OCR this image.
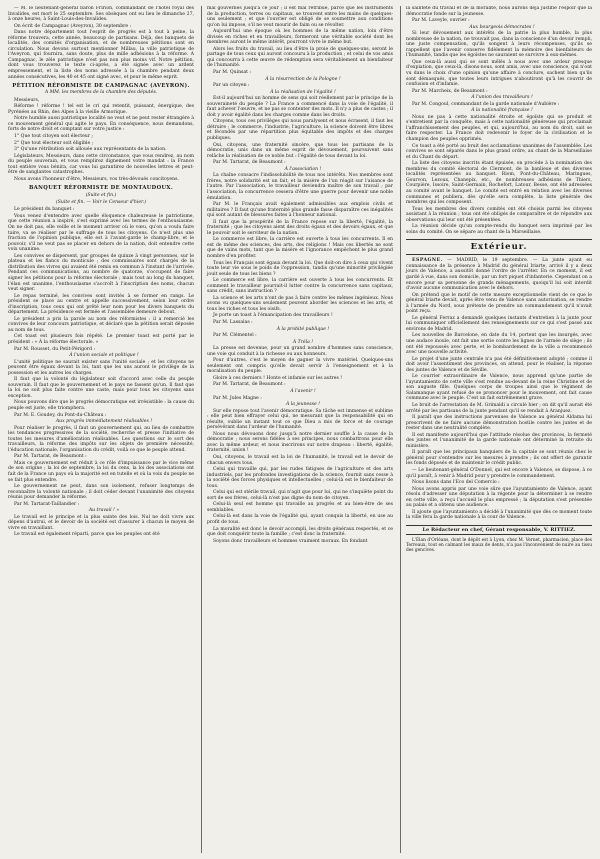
— M. le lieutenant-général baron Fririon, commandant de l'hôtel royal des Invalides, est mort le 25 septembre. Ses obsèques ont eu lieu le dimanche 27, à onze heures, à Saint-Louis-des-Invalides.

On écrit de Campagnac (Aveyron), 30 septembre :

Dans notre département tout l'esprit de progrès est à tout à peine, la réforme trouvera, cette année, beaucoup de partisans. Déjà, des banquets de localités, des comités d'organisation, et de nombreuses pétitions sont en circulation. Nous devons surtout mentionner Millau, la ville patriotique de l'Aveyron, qui fournira, sans doute, plus de mille adhésions à la réforme. A Campagnac, le zèle patriotique n'est pas non plus moins vif. Notre pétition, dont vous trouverez le texte ci-après, a été signée avec un ardent empressement, et la liste des noms adressée à la chambre pendant deux années consécutives, les 40 et 45 ont signé avec, et pour le même esprit.

PÉTITION RÉFORMISTE DE CAMPAGNAC (AVEYRON).
A MM. les membres de la chambre des députés.

Messieurs,

Réforme ! réforme ! tel est le cri qui retentit, puissant, énergique, des Pyrénées au Rhin, des Alpes à la vieille Armorique.

Notre humble aussi patriotique localité ne veut et ne peut rester étrangère à ce mouvement général qui agite le pays. En conséquence, nous demandons, forts de notre droit et comptant sur votre justice :

1° Que tout citoyen soit électeur ;

2° Que tout électeur soit éligible ;

3° Qu'une rétribution soit allouée aux représentants de la nation.

Législateurs, Messieurs, dans cette circonstance, que vous rendrez, au nom du peuple souverain, et vous remplirez dignement votre mandat : la France tout entière vous bénira, car vous lui garantirez de nouvelles lettres et peut-être de sanglantes catastrophes.

Nous avons l'honneur d'être, Messieurs, vos très-dévoués concitoyens.

BANQUET RÉFORMISTE DE MONTAUDOUX.
(Suite et fin.)
(Suite et fin. — Voir le Censeur d'hier.)

Le président du banquet :

Vous venez d'entendre avec quelle éloquence chaleureuse le patriotisme, que cette réunion a inspiré, s'est exprimé avec les termes de l'enthousiasme. On ne doit pas, elle veille et le moment arriver où le vœu, qu'on a voulu faire taire, va se réaliser par le suffrage de tous les citoyens. Ce n'est plus une fraction de l'opinion publique, elle est à l'avant-garde le champ-libre, et le pouvoir, s'il ne veut pas se placer en dehors de la nation, doit entendre cette voix unanime.

Les convives se dispersent, par groupes de quinze à vingt personnes, sur le plateau et les flancs du monticule ; des commissaires sont chargés de la distribution des vivres qui avaient été remis en commun à l'instant de l'arrivée. Pendant ces communications, au nombre de quatorze, s'occupent de faire signer les pétitions pour la réforme électorale ; mais tout au long du banquet, l'élan est unanime, l'enthousiasme s'accroît à l'inscription des noms, chacun veut signer.

Le repas terminé, les convives sont invités à se former en rangs. Le président se place au centre et appelle successivement, selon leur ordre d'inscription, tous ceux qui ont prêté leur nom pour les divers banquets du département. La présidence est fermée et l'assemblée demeure debout.

Le président a pris la parole au nom des réformistes : il a remercié les convives de leur concours patriotique, et déclaré que la pétition serait déposée au nom de tous.

Cet toast est plusieurs fois répété. Le premier toast est porté par le président : « À la réforme électorale. »

Par M. Rousset, du Petit-Périgord :

À l'union sociale et politique !

L'unité politique ne saurait exister sans l'unité sociale ; et les citoyens ne peuvent être égaux devant la loi, tant que les uns auront le privilège de la possession et les autres les charges.

Il faut que la volonté du législateur soit d'accord avec celle du peuple souverain. Il faut que le gouvernement et le pays ne fassent qu'un. Il faut que la loi ne soit plus faite contre une caste, mais pour tous les citoyens sans exception.

Nous pouvons dire que le progrès démocratique est irrésistible : la cause du peuple est juste, elle triomphera.

Par M. E. Goudey, du Pont-du-Château :

Aux progrès immédiatement réalisables !

Pour réaliser le progrès, il faut un gouvernement qui, au lieu de combattre les tendances progressives de la société, recherche et presse l'initiative de toutes les mesures d'amélioration réalisables. Les questions sur le sort des travailleurs, la réforme des impôts sur les objets de première nécessité, l'éducation nationale, l'organisation du crédit, voilà ce que le peuple attend.

Par M. Tartarat, de Beaumont :

Mais ce gouvernement est réduit à ce rôle d'impuissance par le vice même de son origine ; la loi de septembre, la loi du cens, la loi des associations ont fait de la France un pays où la majorité est en tutelle et où la voix du peuple ne se fait plus entendre.

Le gouvernement ne peut, dans son isolement, refuser longtemps de reconnaître la volonté nationale ; il doit céder devant l'unanimité des citoyens réunis pour demander la réforme.

Par M. Tartarat-Taillandier :

Au travail ! »

Le travail est le principe et la plus sainte des lois. Nul ne doit vivre aux dépens d'autrui, et le devoir de la société est d'assurer à chacun le moyen de vivre en travaillant.

Le travail est également réparti, parce que les peuples ont été

mal gouvernés jusqu'à ce jour ; il est mal rétribué, parce que les instruments de la production, terres ou capitaux, se trouvent entre les mains de quelques-uns seulement ; et que l'ouvrier est obligé de se soumettre aux conditions qu'on lui impose, s'il ne veut mourir de faim ou se révolter.

Aujourd'hui une époque où les hommes de la même nation, loin d'être divisés en riches et en travailleurs, formeront une véritable société dont les membres auront le même intérêt, pourront vivre le même but.

Alors les fruits du travail, au lieu d'être la proie de quelques-uns, seront le partage de tous ceux qui auront concouru à la production ; et celui de vos amis qui concourra à cette œuvre de rédemption sera véritablement un bienfaiteur de l'humanité.

Par M. Quinsat :

À la résurrection de la Pologne !

Par un citoyen :

À la réalisation de l'égalité !

Est-il aujourd'hui un homme de sens qui soit réellement par le principe de la souveraineté du peuple ? La France a commencé dans la voie de l'égalité, il faut achever l'œuvre, et ne pas se contenter des mots. Il n'y a plus de castes ; il doit y avoir égalité dans les charges comme dans les droits.

Citoyens, tous ces privilèges qui nous paralysent et nous écrasent, il faut les détruire ; le commerce, l'industrie, l'agriculture, la science doivent être libres et fécondés par une répartition plus équitable des impôts et des charges publiques.

Oui, citoyens, une fraternité sincère, que tous les partisans de la démocratie, unis dans un même esprit de dévouement, poursuivent sans relâche la réalisation de ce noble but : l'égalité de tous devant la loi.

Par M. Tartarat, de Beaumont :

À l'association !

La chaîne consacre l'indissolubilité de tous nos intérêts. Nos membres sont frères, notre solidarité est un fait, et la misère de l'un réagit sur l'aisance de l'autre. Par l'association, le travailleur deviendra maître de son travail ; par l'association, la concurrence cessera d'être une guerre pour devenir une noble émulation.

Par M. le Français avait également admissibles aux emplois civils et militaires ? Il faut qu'une fraternité plus grande fasse disparaître ces inégalités qui sont autant de blessures faites à l'honneur national.

Il faut que la prospérité de la France repose sur la liberté, l'égalité, la fraternité ; que les citoyens aient des droits égaux et des devoirs égaux, et que le pouvoir soit le serviteur de la nation.

Le commerce est libre, la carrière est ouverte à tous les concurrents. Il en est de même des sciences, des arts, des religions ! Mais ces libertés ne sont que de vains mots, tant que la misère et l'ignorance empêchent le plus grand nombre d'en profiter.

Tous les Français sont égaux devant la loi. Que doit-on dire à ceux qui vivent toute leur vie sous le poids de l'oppression, tandis qu'une minorité privilégiée jouit seule de tous les biens ?

Le commerce est libre, la carrière est ouverte à tous les concurrents. Et comment le travailleur pourrait-il lutter contre la concurrence sans capitaux, sans crédit, sans instruction ?

La science et les arts n'ont de pas à faire contre les mêmes ingénieux. Nous avons vu quelques-uns seulement peuvent aborder les sciences et les arts, et tous les riches et tous les oisifs.

Je porte un toast à l'émancipation des travailleurs !

Par M. Lassalas :

À la probité publique !

Par M. Clémentel :

À Tréla !

La presse est devenue, pour un grand nombre d'hommes sans conscience, une voie qui conduit à la richesse ou aux honneurs.

Pour d'autres, c'est le moyen de gagner la vivre matériel. Quelques-uns seulement ont compris qu'elle devait servir à l'enseignement et à la moralisation du peuple.

Gloire à ces derniers ! Honte et infamie sur les autres !

Par M. Tartarat, de Beaumont :

À l'avenir !

Par M. Jules Magne :

À la jeunesse !

Sur elle repose tout l'avenir démocratique. Sa tâche est immense et sublime : elle peut bien effrayer celui qui, ne mesurant que la responsabilité qui en résulte, oublie un instant tout ce que Dieu a mis de force et de courage persévérant dans l'ardeur de l'humanité.

Nous nous dévouons donc jusqu'à notre dernier souffle à la cause de la démocratie ; nous serons fidèles à ses principes, nous combattrons pour elle avec la même ardeur, et nous inscrirons sur notre drapeau : liberté, égalité, fraternité, union !

Oui, citoyens, le travail est la loi de l'humanité, le travail est le devoir de chacun envers tous.

Celui qui travaille qui, par les rudes fatigues de l'agriculture et des arts industriels, par les profondes investigations de la science, fournit sans cesse à la société des forces physiques et intellectuelles ; celui-là est le bienfaiteur de tous.

Celui qui est stérile travail, qui n'agit que pour lui, qui ne s'inquiète point du sort de ses frères, celui-là n'est pas digne du nom de citoyen.

Celui-là seul est homme qui travaille au progrès et au bien-être de ses semblables.

Celui-là est dans la voie de l'égalité qui, ayant conquis la liberté, en use au profit de tous.

La moralité est donc le devoir accompli, les droits généraux respectés, et ce que doit conquérir toute la famille ; c'est donc la fraternité.

Soyons donc travailleurs et hommes vraiment moraux. En fondant

la sainteté du travail et de la moralité, nous aurons déjà justifié l'espoir que la démocratie fonde sur la jeunesse.

Par M. Laveyle, ouvrier :

Aux bourgeois démocrates !

Si leur dévouement aux intérêts de la patrie la plus humble, la plus nombreuse de la nation, ne trouvait pas, dans la conscience d'un devoir rempli, une juste compensation, qu'ils songent à leurs récompenses, qu'ils se rappellent que l'avenir conserve fidèlement la mémoire des bienfaiteurs de l'humanité, tandis que les égoïstes ne sauraient se survivre à eux-mêmes.

Que ceux-là aussi qui se sont mêlés à nous avec une ardeur presque d'expiation, que ceux-là, disons-nous, sont amis, avec une conscience, qui n'ont vu dans le choix d'une opinion qu'une affaire à conclure, sachent bien qu'ils sont démasqués, que toutes leurs intrigues n'aboutiront qu'à les couvrir de confusion et d'infamie.

Par M. Marcheix, de Beaumont :

À l'union des travailleurs !

Par M. Congoul, commandant de la garde nationale d'Aubière :

À la nationalité française !

Nous ne pas à cette nationalité étroite et égoïste qui se produit et s'entretient par la conquête, mais à cette nationalité généreuse qui proclamait l'affranchissement des peuples, et qui, aujourd'hui, au nom du droit, sait se faire respecter. La France doit redevenir le foyer de la civilisation et le champion des peuples opprimés.

Ce toast a été porté au bruit des acclamations unanimes de l'assemblée. Les convives se sont séparés dans le plus grand ordre, au chant de la Marseillaise et du Chant du départ.

La liste des citoyens inscrits étant épuisée, on procède à la nomination des membres du comité électoral de Clermont, de la banlieue et des diverses localités représentées au banquet. Riom, Pont-du-Château, Maringues, Gourvon, Lezoux, Chanepix, etc., de nombreuses adhésions de Thiers, Courpière, Issoire, Saint-Germain, Rochefort, Latour, Besse, ont été adressées au comité avant le banquet. Le comité est entré en relation avec les diverses communes et publiera, dès qu'elle sera complète, la liste générale des membres qui les composent.

Tous les membres des divers comités ont été choisis parmi les citoyens assistant à la réunion ; tous ont été obligés de comparaître et de répondre aux observations qui leur ont été présentées.

La réunion décide qu'un compte-rendu du banquet sera imprimé par les soins du comité. On se sépare au chant de la Marseillaise.

Extérieur.

ESPAGNE. — MADRID, le 19 septembre. — La junte ayant eu connaissance de la présence à Madrid du général Iriarte, arrivé il y a deux jours de Valence, a aussitôt donné l'ordre de l'arrêter. En ce moment, il est gardé à vue, dans son domicile, par un fort piquet d'infanterie. Cependant on a encore pour sa personne de grands ménagements, quoiqu'il lui soit interdit d'avoir aucune communication avec le dehors.

On prétend que le motif de cette mesure exceptionnelle vient de ce que le général Iriarte devait, après être venu de Valence sans autorisation, se rendre à l'armée du Nord, sous prétexte de prendre un commandement qu'il n'avait point reçu.

Le général Ferraz a demandé quelques instants d'entretien à la junte pour lui communiquer officiellement des renseignements sur ce qui s'est passé aux environs de Madrid.

Les nouvelles de Barcelone, en date du 14, portent que les insurgés, avec une audace inouïe, ont fait une sortie contre les lignes de l'armée de siège ; ils ont été repoussés avec perte, et le bombardement de la ville a recommencé avec une nouvelle activité.

Le projet d'une junte centrale n'a pas été définitivement adopté ; comme il doit avoir l'assentiment des provinces, on attend, pour le réaliser, la réponse des juntes de Valence et de Séville.

Le courrier extraordinaire de Valence, nous apprend qu'une partie de l'ayuntamiento de cette ville s'est rendue au-devant de la reine Christine et de son auguste fille. Quelques corps de troupes ainsi que le régiment de Salamanque ayant refusé de se prononcer pour le mouvement, ont fait cause commune avec le peuple. C'est un fait extrêmement grave.

Le bruit de l'arrestation de M. Grimaldi a circulé hier ; on dit qu'il aurait été arrêté par les partisans de la junte pendant qu'il se rendait à Aranjuez.

Il paraît que des instructions parvenues de Valence au général Aldama lui prescrivent de ne faire aucune démonstration hostile contre les juntes et de rester dans une neutralité complète.

Il est manifeste aujourd'hui que l'attitude résolue des provinces, la fermeté des juntes et l'unanimité de la garde nationale ont déterminé la retraite du ministère.

Il paraît que les principaux banquiers de la capitale se sont réunis chez le général pour s'entendre sur les mesures à prendre ; ils ont offert de garantir les fonds déposés et de maintenir le crédit public.

— Le lieutenant-général O'Donnel, qui est encore à Valence, se dispose, à ce qu'il paraît, à venir à Madrid pour y prendre le commandement.

Nous lisons dans l'Eco del Comercio :

Nous avons appris par une voie sûre que l'ayuntamiento de Valence, ayant résolu d'adresser une députation à la régente pour la déterminer à se rendre en cette ville, a reçu l'accueil le plus empressé ; la députation s'est présentée au palais et a obtenu une audience.

Il ajoute que l'ayuntamiento a décidé à l'unanimité que dès ce moment toute la ville fera la garde nationale à la cour de Valence.

Le Rédacteur en chef, Gérant responsable, V. RITTIEZ.

L'Élan d'Orléans, dont le dépôt est à Lyon, chez M. Vernet, pharmacien, place des Terreaux, tout en calmant les maux de dents, n'a pas l'inconvénient de nuire au tissu des gencives.
